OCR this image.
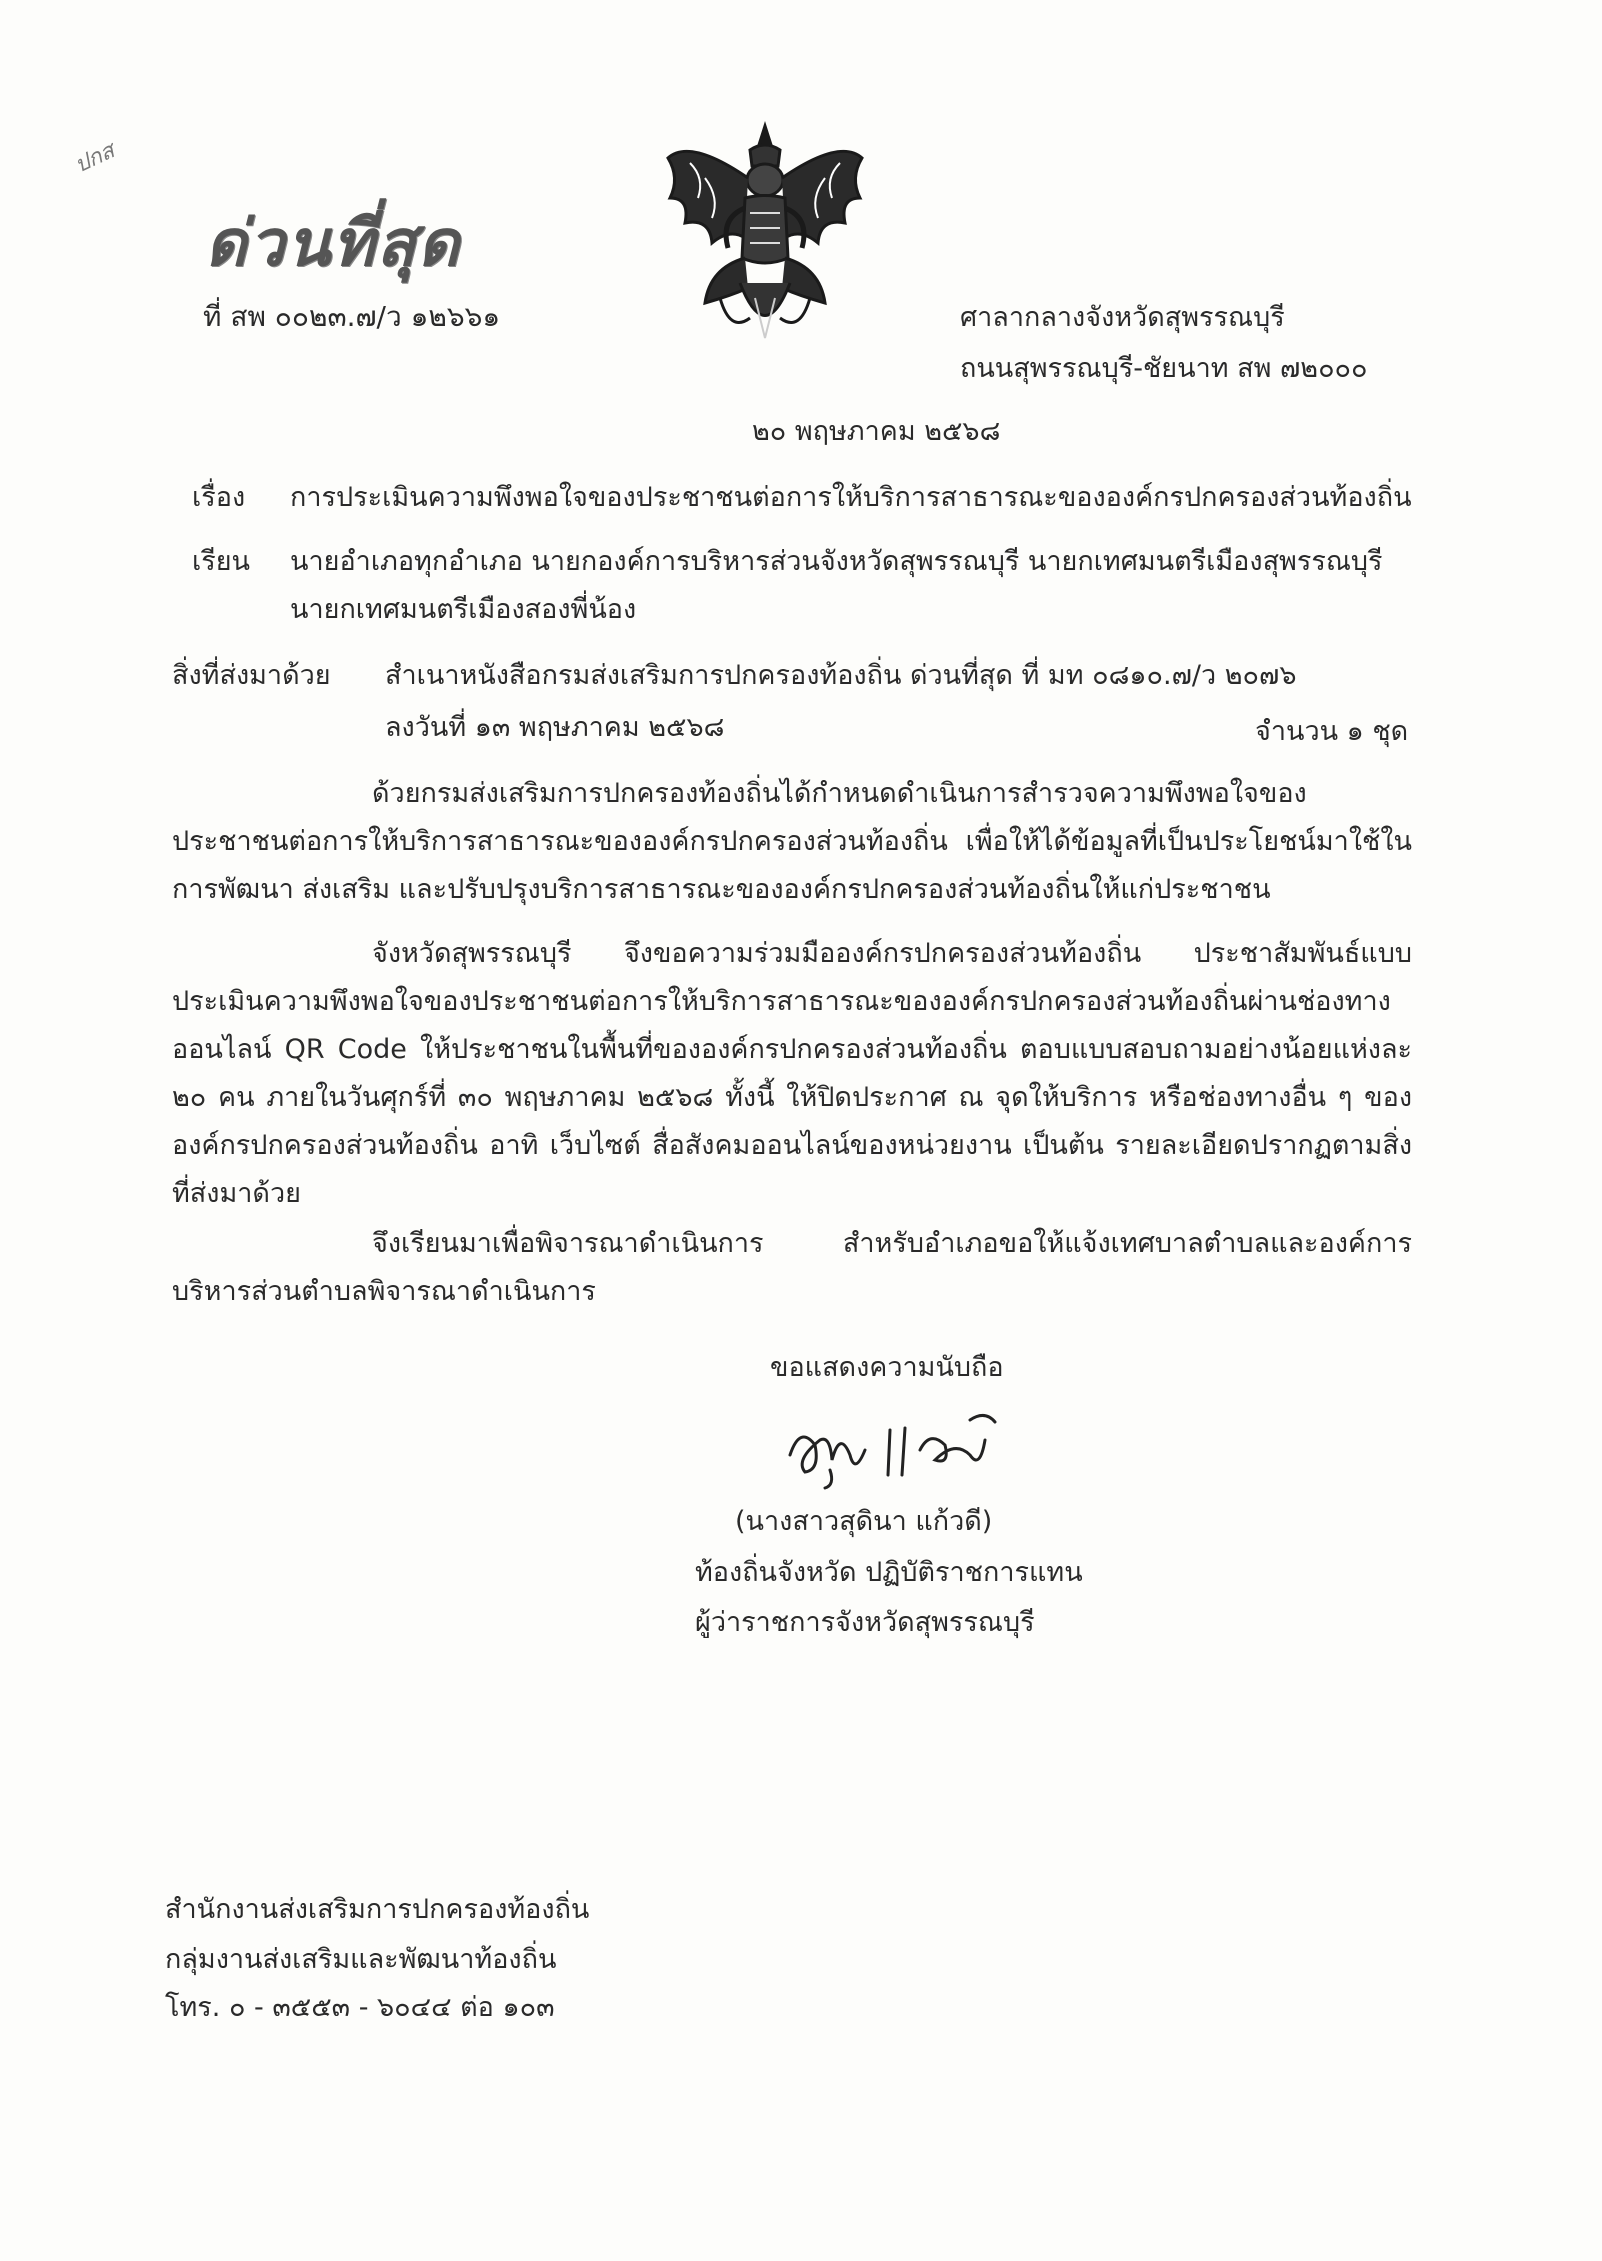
ปกส
ด่วนที่สุด
ที่ สพ ๐๐๒๓.๗/ว ๑๒๖๖๑	ศาลากลางจังหวัดสุพรรณบุรี
ถนนสุพรรณบุรี-ชัยนาท สพ ๗๒๐๐๐
๒๐ พฤษภาคม ๒๕๖๘
เรื่อง การประเมินความพึงพอใจของประชาชนต่อการให้บริการสาธารณะขององค์กรปกครองส่วนท้องถิ่น
เรียน นายอำเภอทุกอำเภอ นายกองค์การบริหารส่วนจังหวัดสุพรรณบุรี นายกเทศมนตรีเมืองสุพรรณบุรี
นายกเทศมนตรีเมืองสองพี่น้อง
สิ่งที่ส่งมาด้วย สำเนาหนังสือกรมส่งเสริมการปกครองท้องถิ่น ด่วนที่สุด ที่ มท ๐๘๑๐.๗/ว ๒๐๗๖
ลงวันที่ ๑๓ พฤษภาคม ๒๕๖๘	จำนวน ๑ ชุด
ด้วยกรมส่งเสริมการปกครองท้องถิ่นได้กำหนดดำเนินการสำรวจความพึงพอใจของประชาชนต่อการให้บริการสาธารณะขององค์กรปกครองส่วนท้องถิ่น เพื่อให้ได้ข้อมูลที่เป็นประโยชน์มาใช้ในการพัฒนา ส่งเสริม และปรับปรุงบริการสาธารณะขององค์กรปกครองส่วนท้องถิ่นให้แก่ประชาชน
จังหวัดสุพรรณบุรี จึงขอความร่วมมือองค์กรปกครองส่วนท้องถิ่น ประชาสัมพันธ์แบบประเมินความพึงพอใจของประชาชนต่อการให้บริการสาธารณะขององค์กรปกครองส่วนท้องถิ่นผ่านช่องทางออนไลน์ QR Code ให้ประชาชนในพื้นที่ขององค์กรปกครองส่วนท้องถิ่น ตอบแบบสอบถามอย่างน้อยแห่งละ ๒๐ คน ภายในวันศุกร์ที่ ๓๐ พฤษภาคม ๒๕๖๘ ทั้งนี้ ให้ปิดประกาศ ณ จุดให้บริการ หรือช่องทางอื่น ๆ ขององค์กรปกครองส่วนท้องถิ่น อาทิ เว็บไซต์ สื่อสังคมออนไลน์ของหน่วยงาน เป็นต้น รายละเอียดปรากฏตามสิ่งที่ส่งมาด้วย
จึงเรียนมาเพื่อพิจารณาดำเนินการ สำหรับอำเภอขอให้แจ้งเทศบาลตำบลและองค์การบริหารส่วนตำบลพิจารณาดำเนินการ
ขอแสดงความนับถือ
(นางสาวสุดินา แก้วดี)
ท้องถิ่นจังหวัด ปฏิบัติราชการแทน
ผู้ว่าราชการจังหวัดสุพรรณบุรี
สำนักงานส่งเสริมการปกครองท้องถิ่น
กลุ่มงานส่งเสริมและพัฒนาท้องถิ่น
โทร. ๐ - ๓๕๕๓ - ๖๐๔๔ ต่อ ๑๐๓
